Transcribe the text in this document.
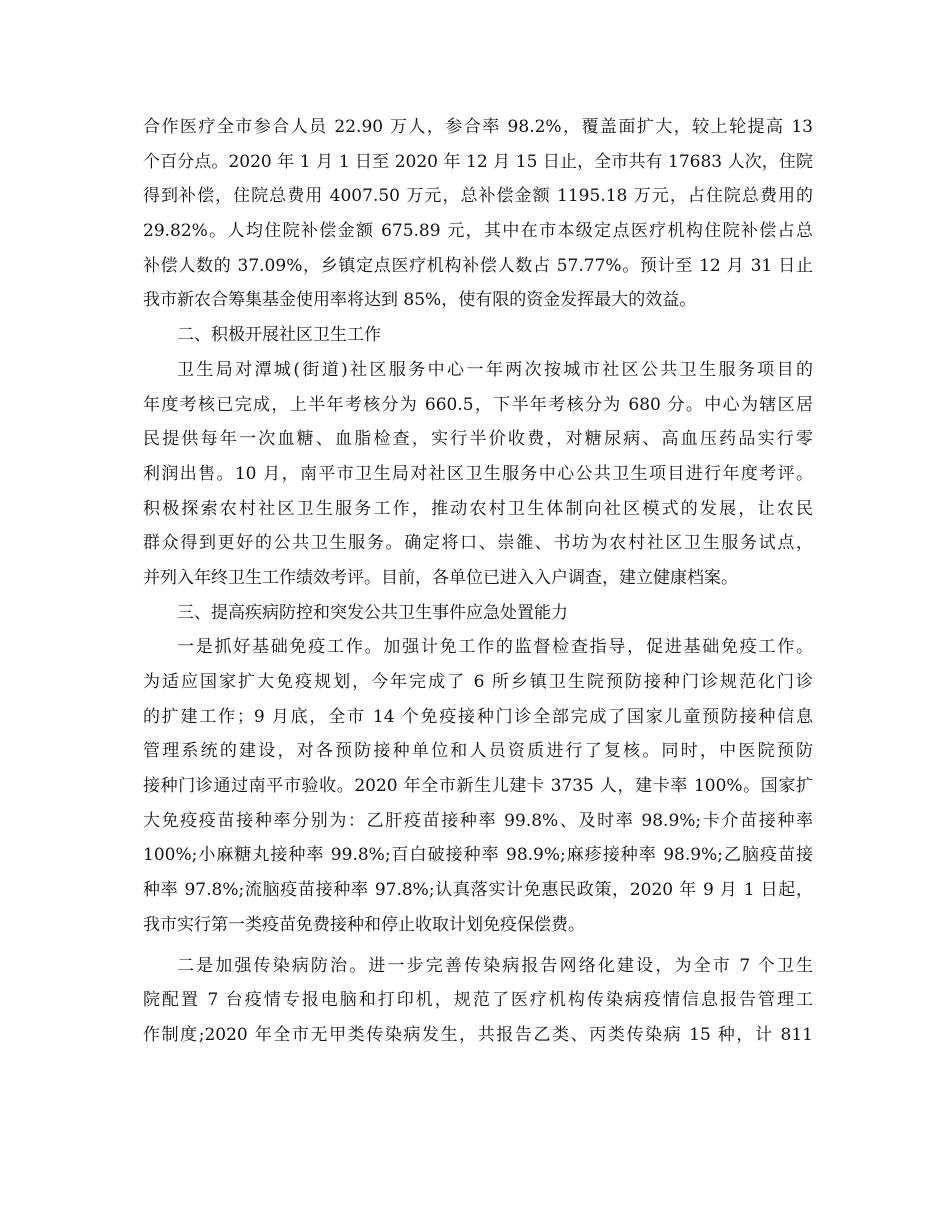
合作医疗全市参合人员 22.90 万人，参合率 98.2%，覆盖面扩大，较上轮提高 13
个百分点。2020 年 1 月 1 日至 2020 年 12 月 15 日止，全市共有 17683 人次，住院
得到补偿，住院总费用 4007.50 万元，总补偿金额 1195.18 万元，占住院总费用的
29.82%。人均住院补偿金额 675.89 元，其中在市本级定点医疗机构住院补偿占总
补偿人数的 37.09%，乡镇定点医疗机构补偿人数占 57.77%。预计至 12 月 31 日止
我市新农合筹集基金使用率将达到 85%，使有限的资金发挥最大的效益。
二、积极开展社区卫生工作
卫生局对潭城(街道)社区服务中心一年两次按城市社区公共卫生服务项目的
年度考核已完成，上半年考核分为 660.5，下半年考核分为 680 分。中心为辖区居
民提供每年一次血糖、血脂检查，实行半价收费，对糖尿病、高血压药品实行零
利润出售。10 月，南平市卫生局对社区卫生服务中心公共卫生项目进行年度考评。
积极探索农村社区卫生服务工作，推动农村卫生体制向社区模式的发展，让农民
群众得到更好的公共卫生服务。确定将口、崇雒、书坊为农村社区卫生服务试点，
并列入年终卫生工作绩效考评。目前，各单位已进入入户调查，建立健康档案。
三、提高疾病防控和突发公共卫生事件应急处置能力
一是抓好基础免疫工作。加强计免工作的监督检查指导，促进基础免疫工作。
为适应国家扩大免疫规划，今年完成了 6 所乡镇卫生院预防接种门诊规范化门诊
的扩建工作；9 月底，全市 14 个免疫接种门诊全部完成了国家儿童预防接种信息
管理系统的建设，对各预防接种单位和人员资质进行了复核。同时，中医院预防
接种门诊通过南平市验收。2020 年全市新生儿建卡 3735 人，建卡率 100%。国家扩
大免疫疫苗接种率分别为：乙肝疫苗接种率 99.8%、及时率 98.9%;卡介苗接种率
100%;小麻糖丸接种率 99.8%;百白破接种率 98.9%;麻疹接种率 98.9%;乙脑疫苗接
种率 97.8%;流脑疫苗接种率 97.8%;认真落实计免惠民政策，2020 年 9 月 1 日起，
我市实行第一类疫苗免费接种和停止收取计划免疫保偿费。
二是加强传染病防治。进一步完善传染病报告网络化建设，为全市 7 个卫生
院配置 7 台疫情专报电脑和打印机，规范了医疗机构传染病疫情信息报告管理工
作制度;2020 年全市无甲类传染病发生，共报告乙类、丙类传染病 15 种，计 811
